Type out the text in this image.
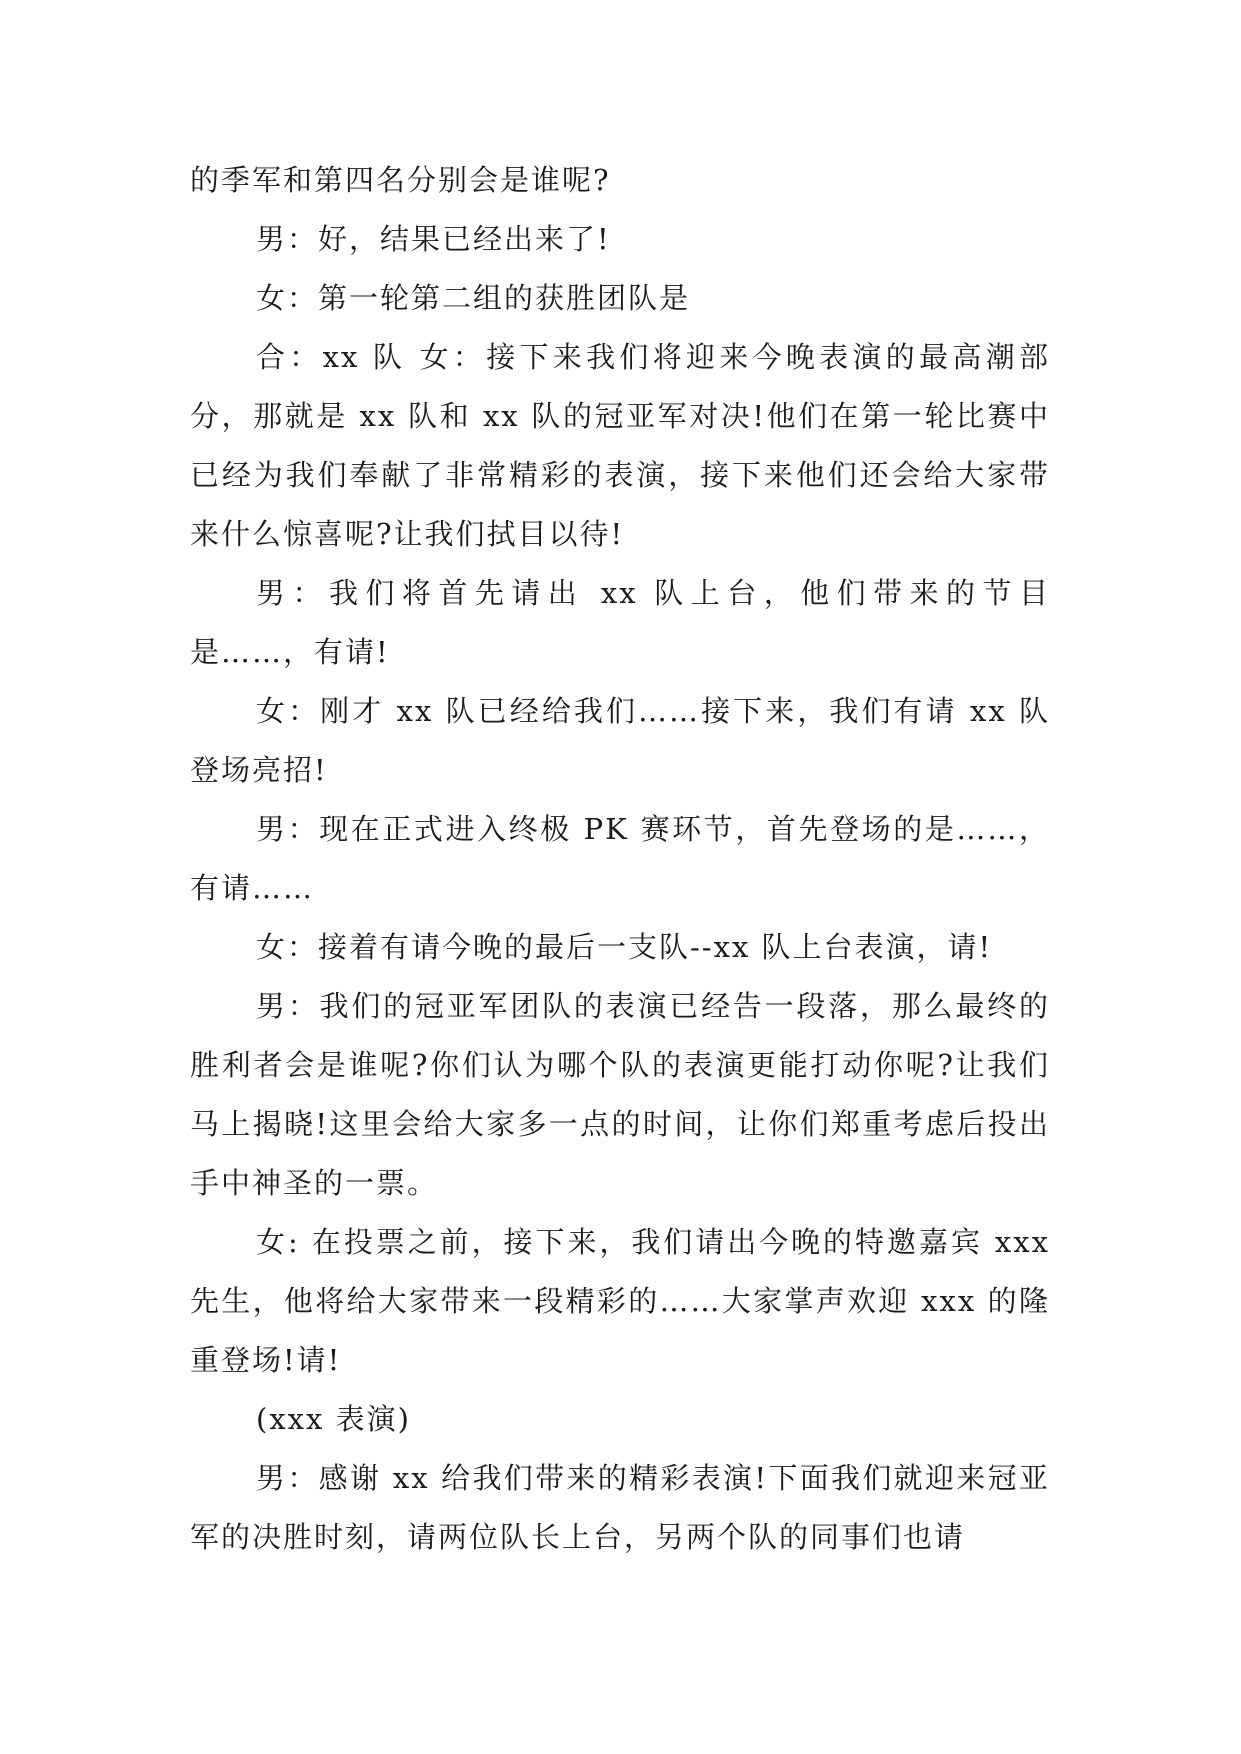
的季军和第四名分别会是谁呢?

男：好，结果已经出来了!

女：第一轮第二组的获胜团队是

合：xx 队 女：接下来我们将迎来今晚表演的最高潮部分，那就是 xx 队和 xx 队的冠亚军对决!他们在第一轮比赛中已经为我们奉献了非常精彩的表演，接下来他们还会给大家带来什么惊喜呢?让我们拭目以待!

男：我们将首先请出 xx 队上台，他们带来的节目是……，有请!

女：刚才 xx 队已经给我们……接下来，我们有请 xx 队登场亮招!

男：现在正式进入终极 PK 赛环节，首先登场的是……，有请……

女：接着有请今晚的最后一支队--xx 队上台表演，请!

男：我们的冠亚军团队的表演已经告一段落，那么最终的胜利者会是谁呢?你们认为哪个队的表演更能打动你呢?让我们马上揭晓!这里会给大家多一点的时间，让你们郑重考虑后投出手中神圣的一票。

女: 在投票之前，接下来，我们请出今晚的特邀嘉宾 xxx 先生，他将给大家带来一段精彩的……大家掌声欢迎 xxx 的隆重登场!请!

(xxx 表演)

男：感谢 xx 给我们带来的精彩表演!下面我们就迎来冠亚军的决胜时刻，请两位队长上台，另两个队的同事们也请
